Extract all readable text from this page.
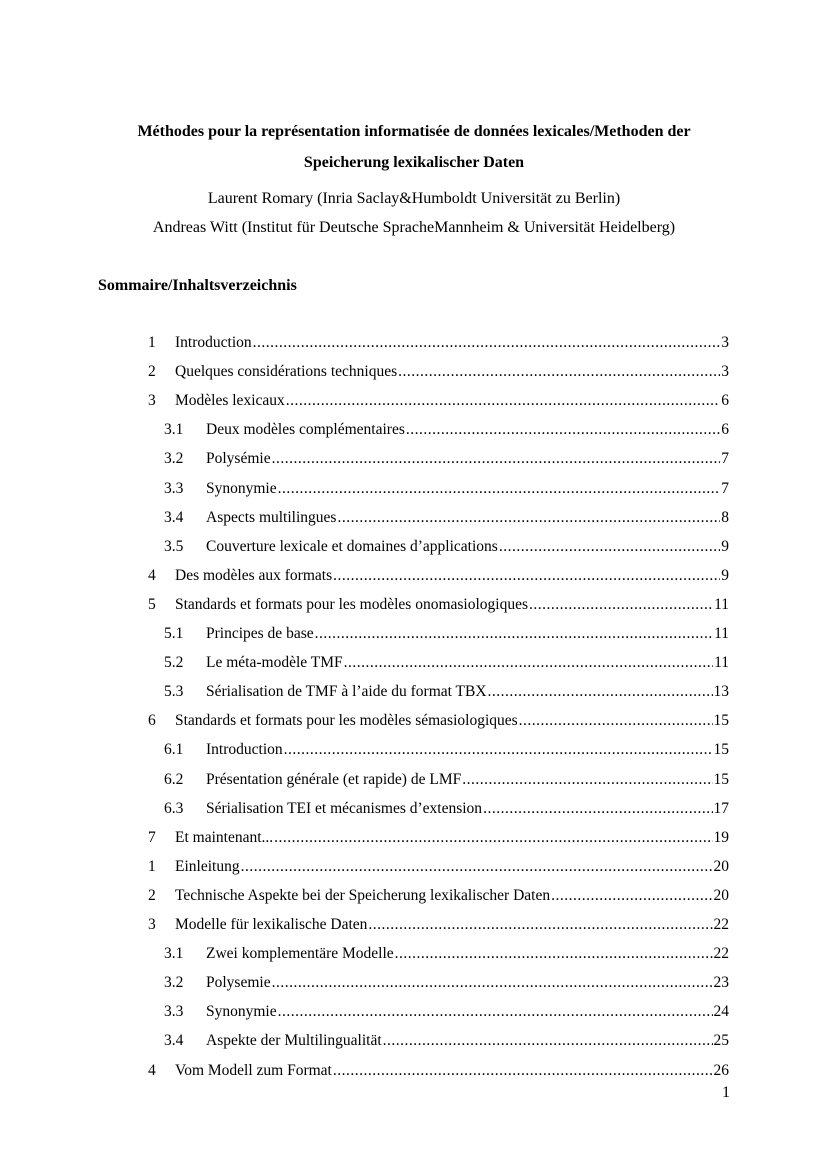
Méthodes pour la représentation informatisée de données lexicales/Methoden der
Speicherung lexikalischer Daten
Laurent Romary (Inria Saclay&Humboldt Universität zu Berlin)
Andreas Witt (Institut für Deutsche SpracheMannheim & Universität Heidelberg)
Sommaire/Inhaltsverzeichnis
1	Introduction .....	3
2	Quelques considérations techniques .....	3
3	Modèles lexicaux .....	6
3.1	Deux modèles complémentaires .....	6
3.2	Polysémie .....	7
3.3	Synonymie .....	7
3.4	Aspects multilingues .....	8
3.5	Couverture lexicale et domaines d’applications .....	9
4	Des modèles aux formats .....	9
5	Standards et formats pour les modèles onomasiologiques .....	11
5.1	Principes de base .....	11
5.2	Le méta-modèle TMF .....	11
5.3	Sérialisation de TMF à l’aide du format TBX .....	13
6	Standards et formats pour les modèles sémasiologiques .....	15
6.1	Introduction .....	15
6.2	Présentation générale (et rapide) de LMF .....	15
6.3	Sérialisation TEI et mécanismes d’extension .....	17
7	Et maintenant... .....	19
1	Einleitung .....	20
2	Technische Aspekte bei der Speicherung lexikalischer Daten .....	20
3	Modelle für lexikalische Daten .....	22
3.1	Zwei komplementäre Modelle .....	22
3.2	Polysemie .....	23
3.3	Synonymie .....	24
3.4	Aspekte der Multilingualität .....	25
4	Vom Modell zum Format .....	26
1
